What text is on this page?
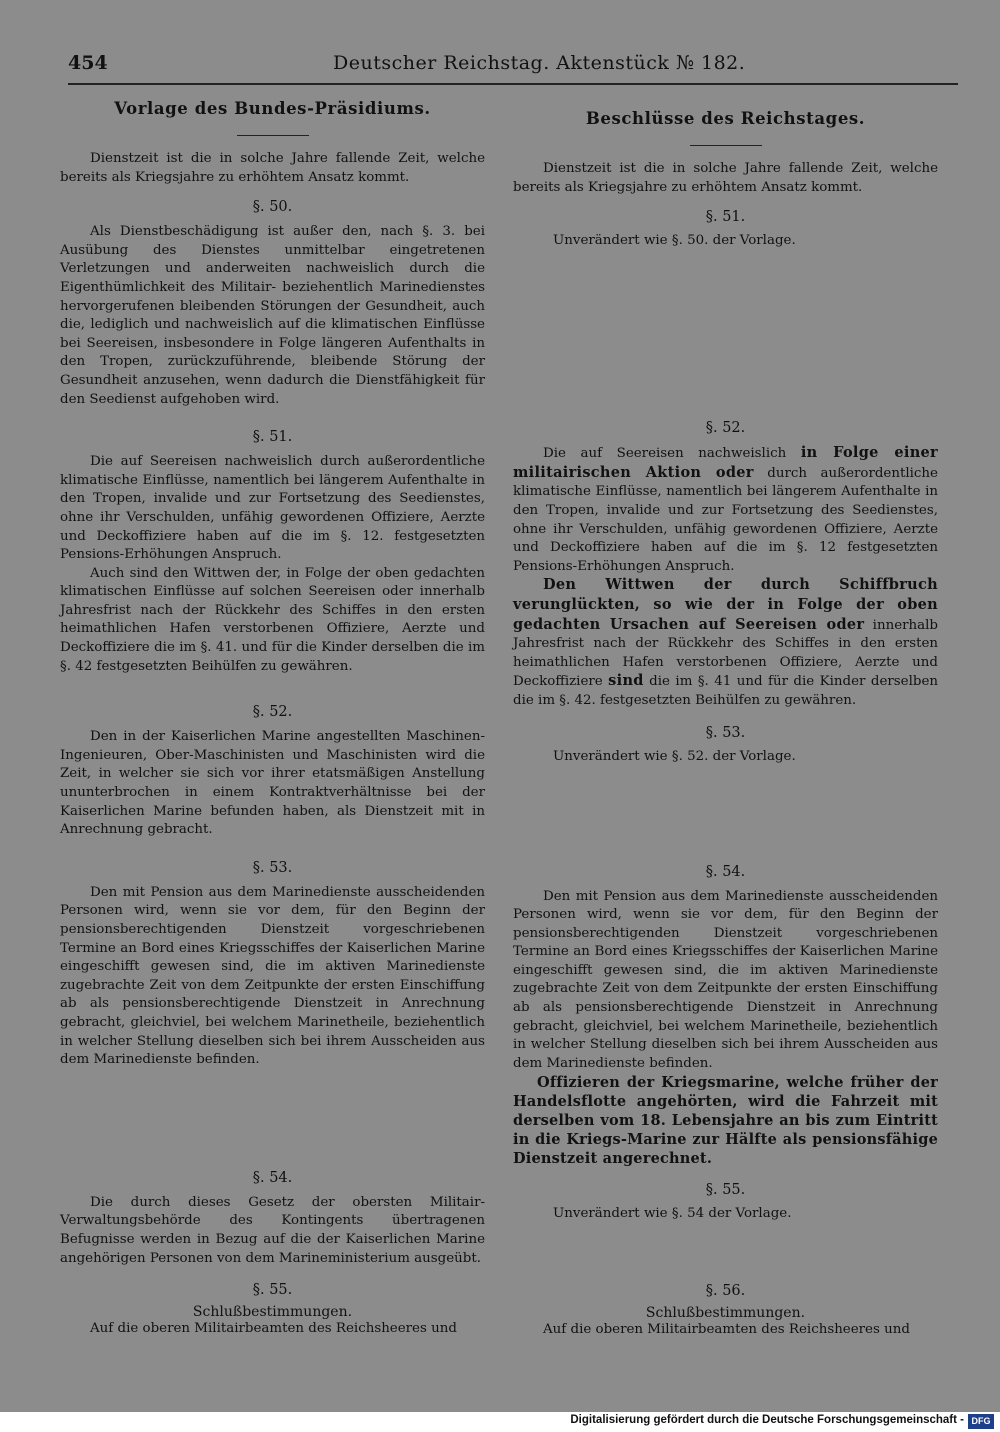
454	Deutscher Reichstag. Aktenstück № 182.
Vorlage des Bundes-Präsidiums.

Dienstzeit ist die in solche Jahre fallende Zeit, welche bereits als Kriegsjahre zu erhöhtem Ansatz kommt.

§. 50.

Als Dienstbeschädigung ist außer den, nach §. 3. bei Ausübung des Dienstes unmittelbar eingetretenen Verletzungen und anderweiten nachweislich durch die Eigenthümlichkeit des Militair- beziehentlich Marinedienstes hervorgerufenen bleibenden Störungen der Gesundheit, auch die, lediglich und nachweislich auf die klimatischen Einflüsse bei Seereisen, insbesondere in Folge längeren Aufenthalts in den Tropen, zurückzuführende, bleibende Störung der Gesundheit anzusehen, wenn dadurch die Dienstfähigkeit für den Seedienst aufgehoben wird.

§. 51.

Die auf Seereisen nachweislich durch außerordentliche klimatische Einflüsse, namentlich bei längerem Aufenthalte in den Tropen, invalide und zur Fortsetzung des Seedienstes, ohne ihr Verschulden, unfähig gewordenen Offiziere, Aerzte und Deckoffiziere haben auf die im §. 12. festgesetzten Pensions-Erhöhungen Anspruch.

Auch sind den Wittwen der, in Folge der oben gedachten klimatischen Einflüsse auf solchen Seereisen oder innerhalb Jahresfrist nach der Rückkehr des Schiffes in den ersten heimathlichen Hafen verstorbenen Offiziere, Aerzte und Deckoffiziere die im §. 41. und für die Kinder derselben die im §. 42 festgesetzten Beihülfen zu gewähren.

§. 52.

Den in der Kaiserlichen Marine angestellten Maschinen-Ingenieuren, Ober-Maschinisten und Maschinisten wird die Zeit, in welcher sie sich vor ihrer etatsmäßigen Anstellung ununterbrochen in einem Kontraktverhältnisse bei der Kaiserlichen Marine befunden haben, als Dienstzeit mit in Anrechnung gebracht.

§. 53.

Den mit Pension aus dem Marinedienste ausscheidenden Personen wird, wenn sie vor dem, für den Beginn der pensionsberechtigenden Dienstzeit vorgeschriebenen Termine an Bord eines Kriegsschiffes der Kaiserlichen Marine eingeschifft gewesen sind, die im aktiven Marinedienste zugebrachte Zeit von dem Zeitpunkte der ersten Einschiffung ab als pensionsberechtigende Dienstzeit in Anrechnung gebracht, gleichviel, bei welchem Marinetheile, beziehentlich in welcher Stellung dieselben sich bei ihrem Ausscheiden aus dem Marinedienste befinden.

§. 54.

Die durch dieses Gesetz der obersten Militair-Verwaltungsbehörde des Kontingents übertragenen Befugnisse werden in Bezug auf die der Kaiserlichen Marine angehörigen Personen von dem Marineministerium ausgeübt.

§. 55.

Schlußbestimmungen.

Auf die oberen Militairbeamten des Reichsheeres und

Beschlüsse des Reichstages.

Dienstzeit ist die in solche Jahre fallende Zeit, welche bereits als Kriegsjahre zu erhöhtem Ansatz kommt.

§. 51.

Unverändert wie §. 50. der Vorlage.

§. 52.

Die auf Seereisen nachweislich in Folge einer militairischen Aktion oder durch außerordentliche klimatische Einflüsse, namentlich bei längerem Aufenthalte in den Tropen, invalide und zur Fortsetzung des Seedienstes, ohne ihr Verschulden, unfähig gewordenen Offiziere, Aerzte und Deckoffiziere haben auf die im §. 12 festgesetzten Pensions-Erhöhungen Anspruch.

Den Wittwen der durch Schiffbruch verunglückten, so wie der in Folge der oben gedachten Ursachen auf Seereisen oder innerhalb Jahresfrist nach der Rückkehr des Schiffes in den ersten heimathlichen Hafen verstorbenen Offiziere, Aerzte und Deckoffiziere sind die im §. 41 und für die Kinder derselben die im §. 42. festgesetzten Beihülfen zu gewähren.

§. 53.

Unverändert wie §. 52. der Vorlage.

§. 54.

Den mit Pension aus dem Marinedienste ausscheidenden Personen wird, wenn sie vor dem, für den Beginn der pensionsberechtigenden Dienstzeit vorgeschriebenen Termine an Bord eines Kriegsschiffes der Kaiserlichen Marine eingeschifft gewesen sind, die im aktiven Marinedienste zugebrachte Zeit von dem Zeitpunkte der ersten Einschiffung ab als pensionsberechtigende Dienstzeit in Anrechnung gebracht, gleichviel, bei welchem Marinetheile, beziehentlich in welcher Stellung dieselben sich bei ihrem Ausscheiden aus dem Marinedienste befinden.

Offizieren der Kriegsmarine, welche früher der Handelsflotte angehörten, wird die Fahrzeit mit derselben vom 18. Lebensjahre an bis zum Eintritt in die Kriegs-Marine zur Hälfte als pensionsfähige Dienstzeit angerechnet.

§. 55.

Unverändert wie §. 54 der Vorlage.

§. 56.

Schlußbestimmungen.

Auf die oberen Militairbeamten des Reichsheeres und

Digitalisierung gefördert durch die Deutsche Forschungsgemeinschaft - DFG
